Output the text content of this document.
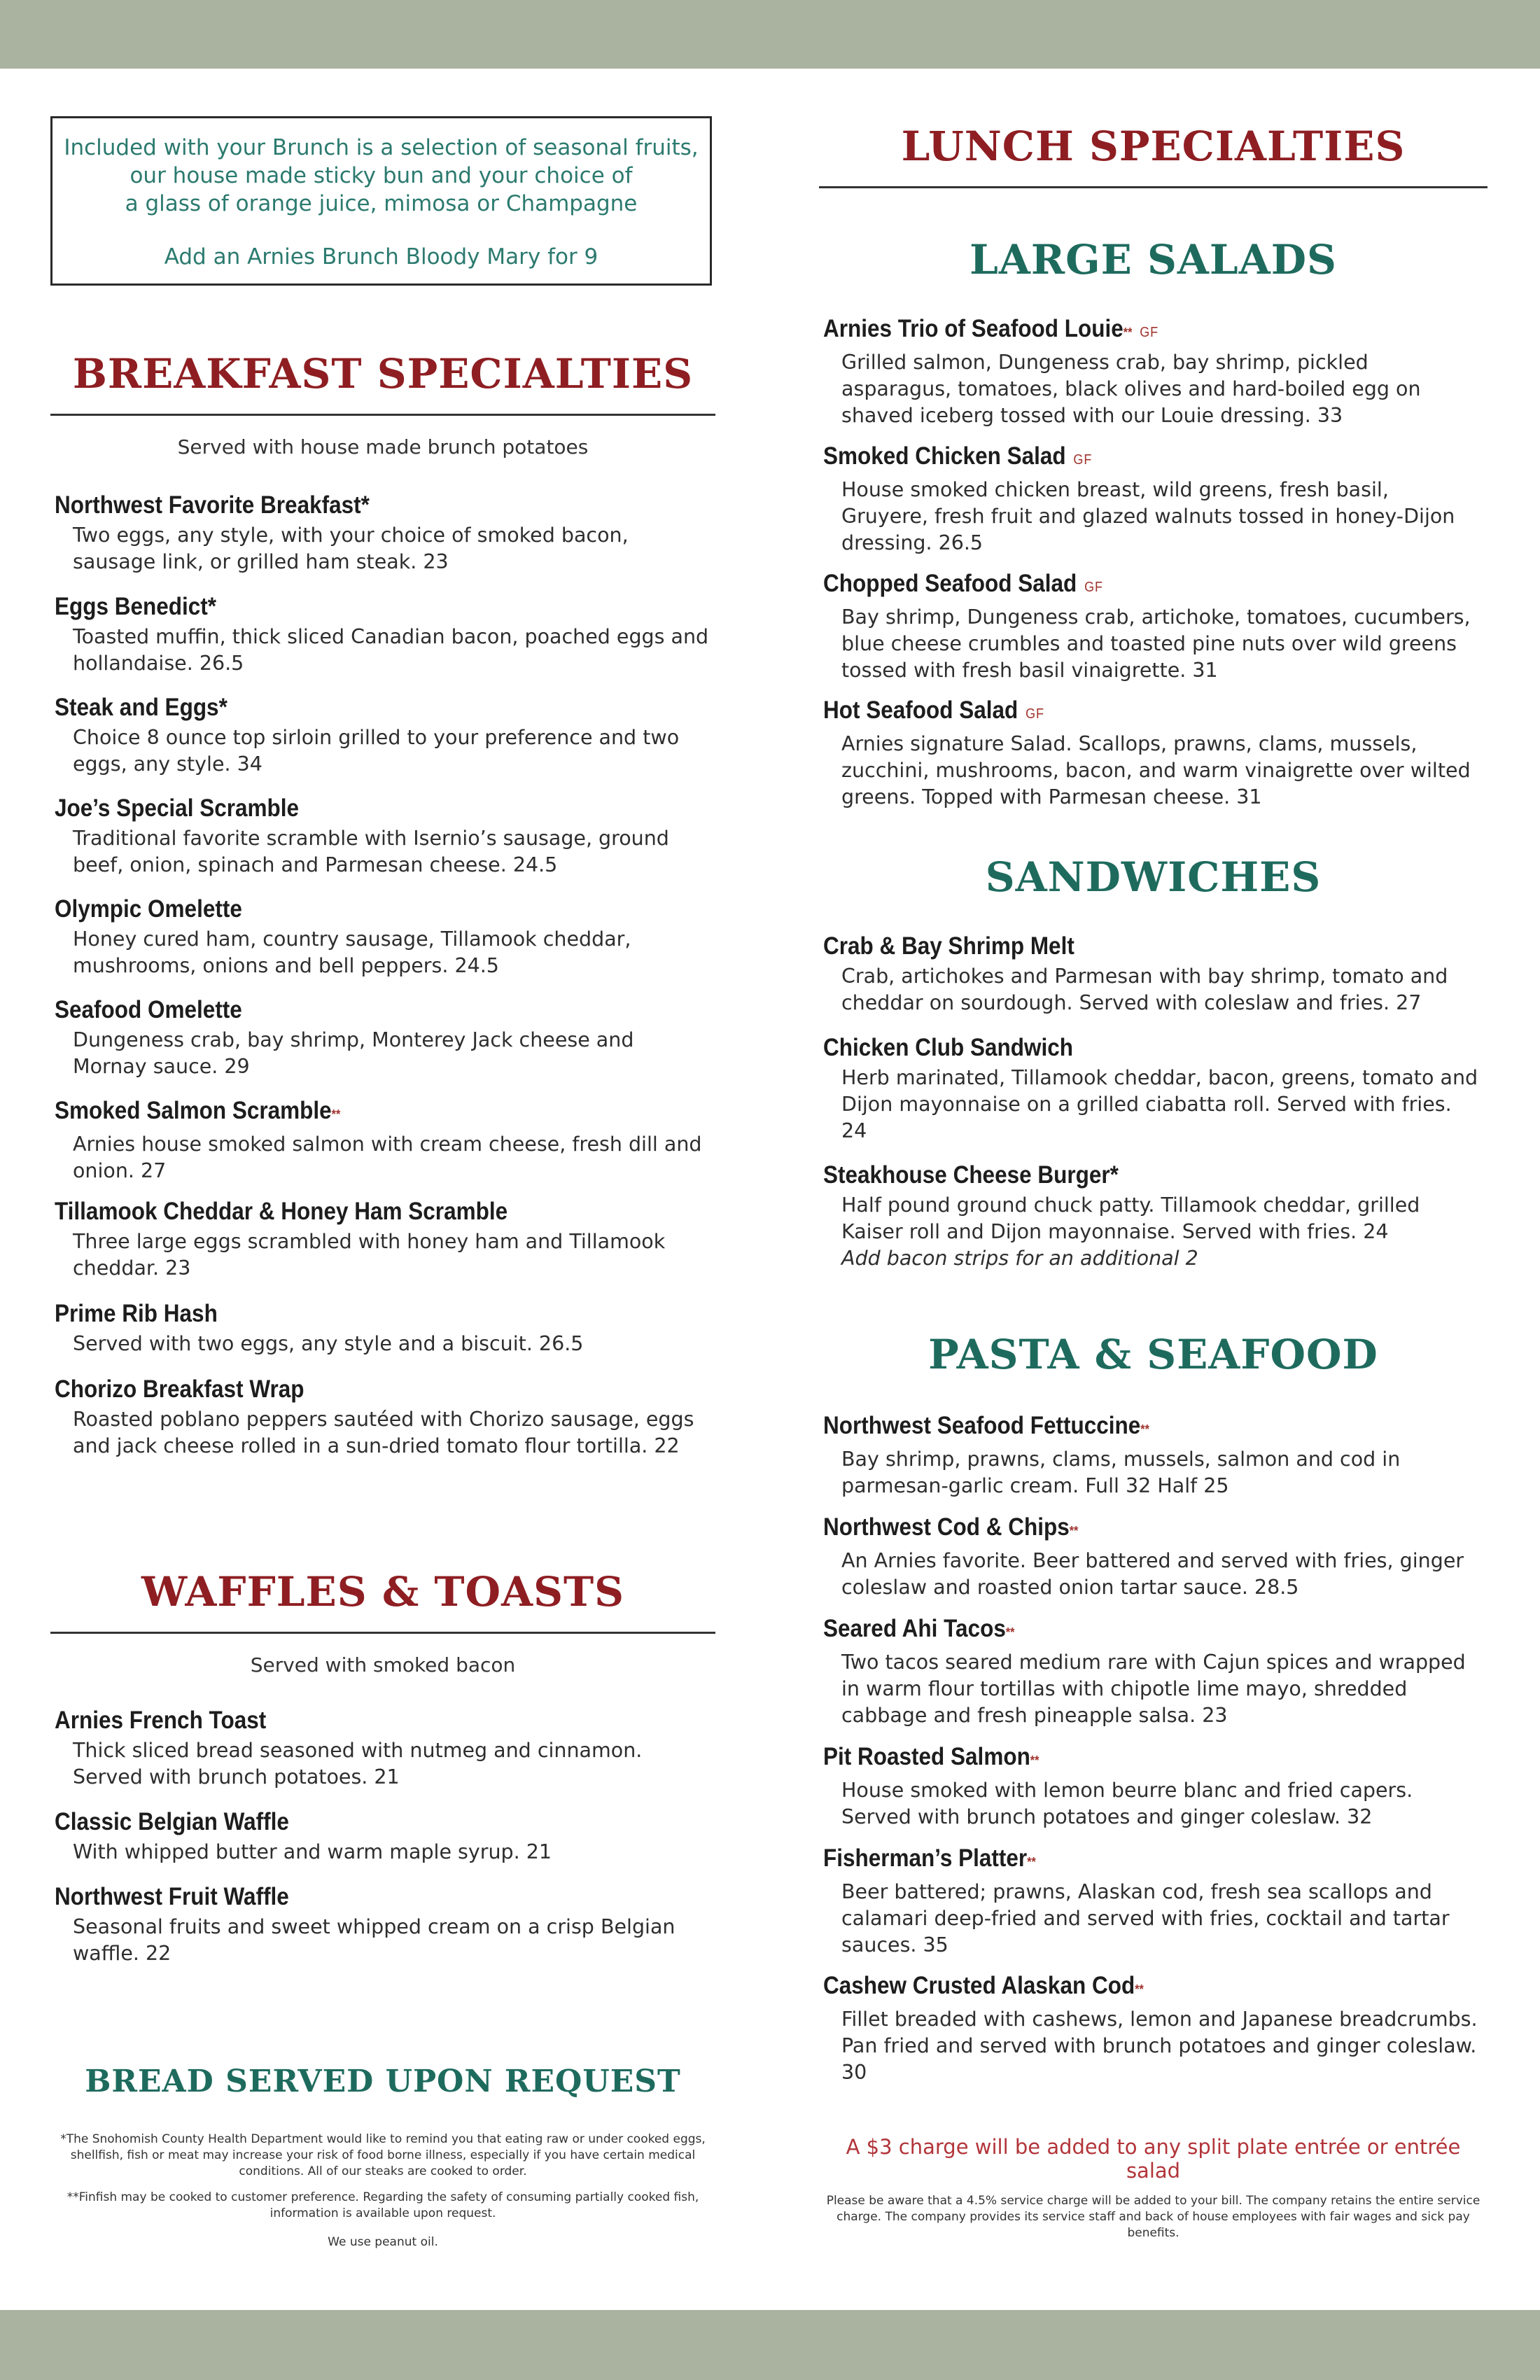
Included with your Brunch is a selection of seasonal fruits,
our house made sticky bun and your choice of
a glass of orange juice, mimosa or Champagne
Add an Arnies Brunch Bloody Mary for 9
BREAKFAST SPECIALTIES
Served with house made brunch potatoes
Northwest Favorite Breakfast*
Two eggs, any style, with your choice of smoked bacon, sausage link, or grilled ham steak. 23
Eggs Benedict*
Toasted muffin, thick sliced Canadian bacon, poached eggs and hollandaise. 26.5
Steak and Eggs*
Choice 8 ounce top sirloin grilled to your preference and two eggs, any style. 34
Joe’s Special Scramble
Traditional favorite scramble with Isernio’s sausage, ground beef, onion, spinach and Parmesan cheese. 24.5
Olympic Omelette
Honey cured ham, country sausage, Tillamook cheddar, mushrooms, onions and bell peppers. 24.5
Seafood Omelette
Dungeness crab, bay shrimp, Monterey Jack cheese and Mornay sauce. 29
Smoked Salmon Scramble**
Arnies house smoked salmon with cream cheese, fresh dill and onion. 27
Tillamook Cheddar & Honey Ham Scramble
Three large eggs scrambled with honey ham and Tillamook cheddar. 23
Prime Rib Hash
Served with two eggs, any style and a biscuit. 26.5
Chorizo Breakfast Wrap
Roasted poblano peppers sautéed with Chorizo sausage, eggs and jack cheese rolled in a sun-dried tomato flour tortilla. 22
WAFFLES & TOASTS
Served with smoked bacon
Arnies French Toast
Thick sliced bread seasoned with nutmeg and cinnamon. Served with brunch potatoes. 21
Classic Belgian Waffle
With whipped butter and warm maple syrup. 21
Northwest Fruit Waffle
Seasonal fruits and sweet whipped cream on a crisp Belgian waffle. 22
BREAD SERVED UPON REQUEST
*The Snohomish County Health Department would like to remind you that eating raw or under cooked eggs, shellfish, fish or meat may increase your risk of food borne illness, especially if you have certain medical conditions. All of our steaks are cooked to order.
**Finfish may be cooked to customer preference. Regarding the safety of consuming partially cooked fish, information is available upon request.
We use peanut oil.
LUNCH SPECIALTIES
LARGE SALADS
Arnies Trio of Seafood Louie** GF
Grilled salmon, Dungeness crab, bay shrimp, pickled asparagus, tomatoes, black olives and hard-boiled egg on shaved iceberg tossed with our Louie dressing. 33
Smoked Chicken Salad GF
House smoked chicken breast, wild greens, fresh basil, Gruyere, fresh fruit and glazed walnuts tossed in honey-Dijon dressing. 26.5
Chopped Seafood Salad GF
Bay shrimp, Dungeness crab, artichoke, tomatoes, cucumbers, blue cheese crumbles and toasted pine nuts over wild greens tossed with fresh basil vinaigrette. 31
Hot Seafood Salad GF
Arnies signature Salad. Scallops, prawns, clams, mussels, zucchini, mushrooms, bacon, and warm vinaigrette over wilted greens. Topped with Parmesan cheese. 31
SANDWICHES
Crab & Bay Shrimp Melt
Crab, artichokes and Parmesan with bay shrimp, tomato and cheddar on sourdough. Served with coleslaw and fries. 27
Chicken Club Sandwich
Herb marinated, Tillamook cheddar, bacon, greens, tomato and Dijon mayonnaise on a grilled ciabatta roll. Served with fries. 24
Steakhouse Cheese Burger*
Half pound ground chuck patty. Tillamook cheddar, grilled Kaiser roll and Dijon mayonnaise. Served with fries. 24
Add bacon strips for an additional 2
PASTA & SEAFOOD
Northwest Seafood Fettuccine**
Bay shrimp, prawns, clams, mussels, salmon and cod in parmesan-garlic cream. Full 32 Half 25
Northwest Cod & Chips**
An Arnies favorite. Beer battered and served with fries, ginger coleslaw and roasted onion tartar sauce. 28.5
Seared Ahi Tacos**
Two tacos seared medium rare with Cajun spices and wrapped in warm flour tortillas with chipotle lime mayo, shredded cabbage and fresh pineapple salsa. 23
Pit Roasted Salmon**
House smoked with lemon beurre blanc and fried capers. Served with brunch potatoes and ginger coleslaw. 32
Fisherman’s Platter**
Beer battered; prawns, Alaskan cod, fresh sea scallops and calamari deep-fried and served with fries, cocktail and tartar sauces. 35
Cashew Crusted Alaskan Cod**
Fillet breaded with cashews, lemon and Japanese breadcrumbs. Pan fried and served with brunch potatoes and ginger coleslaw. 30
Please be aware that a 4.5% service charge will be added to your bill. The company retains the entire service charge. The company provides its service staff and back of house employees with fair wages and sick pay benefits.
A $3 charge will be added to any split plate entrée or entrée salad
